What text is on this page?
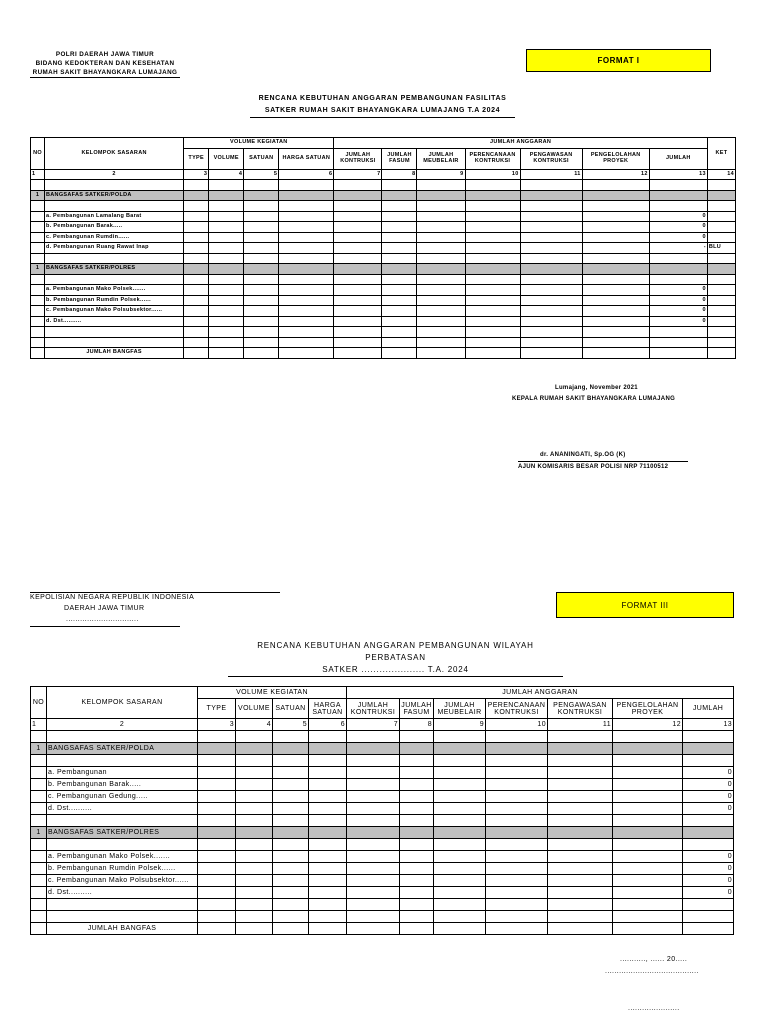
POLRI DAERAH JAWA TIMUR
BIDANG KEDOKTERAN DAN KESEHATAN
RUMAH SAKIT BHAYANGKARA LUMAJANG
FORMAT I
RENCANA KEBUTUHAN ANGGARAN PEMBANGUNAN FASILITAS
SATKER RUMAH SAKIT BHAYANGKARA LUMAJANG T.A 2024
NO	KELOMPOK SASARAN	VOLUME KEGIATAN				JUMLAH ANGGARAN							KET
		TYPE	VOLUME	SATUAN	HARGA SATUAN	JUMLAH KONTRUKSI	JUMLAH FASUM	JUMLAH MEUBELAIR	PERENCANAAN KONTRUKSI	PENGAWASAN KONTRUKSI	PENGELOLAHAN PROYEK	JUMLAH	
1	2	3	4	5	6	7	8	9	10	11	12	13	14

1	BANGSAFAS SATKER/POLDA												

	a. Pembangunan Lamalang Barat											0	
	b. Pembangunan Barak.....											0	
	c. Pembangunan Rumdin......											0	
	d. Pembangunan Ruang Rawat Inap											-	BLU

1	BANGSAFAS SATKER/POLRES												

	a. Pembangunan Mako Polsek.......											0	
	b. Pembangunan Rumdin Polsek......											0	
	c. Pembangunan Mako Polsubsektor......											0	
	d. Dst..........											0	

	JUMLAH BANGFAS												
Lumajang, November 2021
KEPALA RUMAH SAKIT BHAYANGKARA LUMAJANG
dr. ANANINGATI, Sp.OG (K)
AJUN KOMISARIS BESAR POLISI NRP 71100512
KEPOLISIAN NEGARA REPUBLIK INDONESIA
DAERAH JAWA TIMUR
...............................
FORMAT III
RENCANA KEBUTUHAN ANGGARAN PEMBANGUNAN WILAYAH PERBATASAN
SATKER ..................... T.A. 2024
NO	KELOMPOK SASARAN	VOLUME KEGIATAN				JUMLAH ANGGARAN						
		TYPE	VOLUME	SATUAN	HARGA SATUAN	JUMLAH KONTRUKSI	JUMLAH FASUM	JUMLAH MEUBELAIR	PERENCANAAN KONTRUKSI	PENGAWASAN KONTRUKSI	PENGELOLAHAN PROYEK	JUMLAH
1	2	3	4	5	6	7	8	9	10	11	12	13

1	BANGSAFAS SATKER/POLDA											

	a. Pembangunan											0
	b. Pembangunan Barak.....											0
	c. Pembangunan Gedung.....											0
	d. Dst..........											0

1	BANGSAFAS SATKER/POLRES											

	a. Pembangunan Mako Polsek.......											0
	b. Pembangunan Rumdin Polsek......											0
	c. Pembangunan Mako Polsubsektor......											0
	d. Dst..........											0

	JUMLAH BANGFAS											
..........., ...... 20.....
........................................
......................
